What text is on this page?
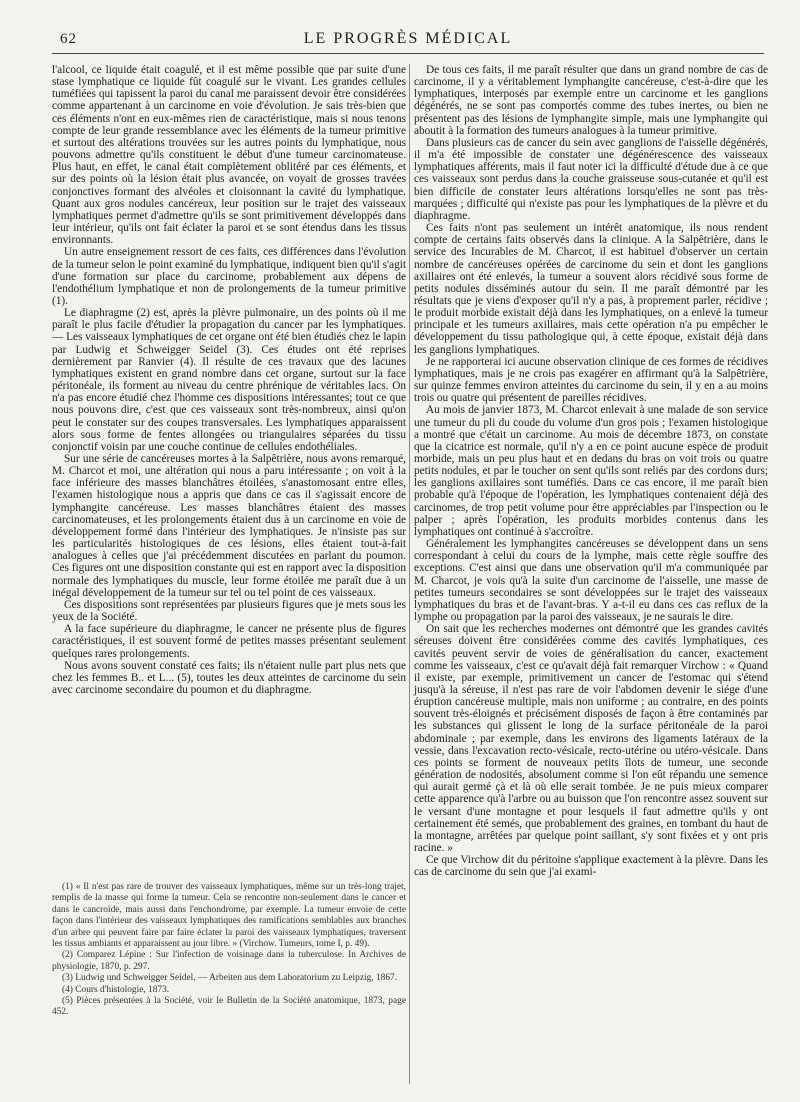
62	LE PROGRÈS MÉDICAL

l'alcool, ce liquide était coagulé, et il est même possible que par suite d'une stase lymphatique ce liquide fût coagulé sur le vivant. Les grandes cellules tuméfiées qui tapissent la paroi du canal me paraissent devoir être considérées comme appartenant à un carcinome en voie d'évolution. Je sais très-bien que ces éléments n'ont en eux-mêmes rien de caractéristique, mais si nous tenons compte de leur grande ressemblance avec les éléments de la tumeur primitive et surtout des altérations trouvées sur les autres points du lymphatique, nous pouvons admettre qu'ils constituent le début d'une tumeur carcinomateuse. Plus haut, en effet, le canal était complètement oblitéré par ces éléments, et sur des points où la lésion était plus avancée, on voyait de grosses travées conjonctives formant des alvéoles et cloisonnant la cavité du lymphatique. Quant aux gros nodules cancéreux, leur position sur le trajet des vaisseaux lymphatiques permet d'admettre qu'ils se sont primitivement développés dans leur intérieur, qu'ils ont fait éclater la paroi et se sont étendus dans les tissus environnants.

Un autre enseignement ressort de ces faits, ces différences dans l'évolution de la tumeur selon le point examiné du lymphatique, indiquent bien qu'il s'agit d'une formation sur place du carcinome, probablement aux dépens de l'endothélium lymphatique et non de prolongements de la tumeur primitive (1).

Le diaphragme (2) est, après la plèvre pulmonaire, un des points où il me paraît le plus facile d'étudier la propagation du cancer par les lymphatiques. — Les vaisseaux lymphatiques de cet organe ont été bien étudiés chez le lapin par Ludwig et Schweigger Seidel (3). Ces études ont été reprises dernièrement par Ranvier (4). Il résulte de ces travaux que des lacunes lymphatiques existent en grand nombre dans cet organe, surtout sur la face péritonéale, ils forment au niveau du centre phrénique de véritables lacs. On n'a pas encore étudié chez l'homme ces dispositions intéressantes; tout ce que nous pouvons dire, c'est que ces vaisseaux sont très-nombreux, ainsi qu'on peut le constater sur des coupes transversales. Les lymphatiques apparaissent alors sous forme de fentes allongées ou triangulaires séparées du tissu conjonctif voisin par une couche continue de cellules endothéliales.

Sur une série de cancéreuses mortes à la Salpêtrière, nous avons remarqué, M. Charcot et moi, une altération qui nous a paru intéressante ; on voit à la face inférieure des masses blanchâtres étoilées, s'anastomosant entre elles, l'examen histologique nous a appris que dans ce cas il s'agissait encore de lymphangite cancéreuse. Les masses blanchâtres étaient des masses carcinomateuses, et les prolongements étaient dus à un carcinome en voie de développement formé dans l'intérieur des lymphatiques. Je n'insiste pas sur les particularités histologiques de ces lésions, elles étaient tout-à-fait analogues à celles que j'ai précédemment discutées en parlant du poumon. Ces figures ont une disposition constante qui est en rapport avec la disposition normale des lymphatiques du muscle, leur forme étoilée me paraît due à un inégal développement de la tumeur sur tel ou tel point de ces vaisseaux.

Ces dispositions sont représentées par plusieurs figures que je mets sous les yeux de la Société.

A la face supérieure du diaphragme, le cancer ne présente plus de figures caractéristiques, il est souvent formé de petites masses présentant seulement quelques rares prolongements.

Nous avons souvent constaté ces faits; ils n'étaient nulle part plus nets que chez les femmes B.. et L... (5), toutes les deux atteintes de carcinome du sein avec carcinome secondaire du poumon et du diaphragme.

De tous ces faits, il me paraît résulter que dans un grand nombre de cas de carcinome, il y a véritablement lymphangite cancéreuse, c'est-à-dire que les lymphatiques, interposés par exemple entre un carcinome et les ganglions dégénérés, ne se sont pas comportés comme des tubes inertes, ou bien ne présentent pas des lésions de lymphangite simple, mais une lymphangite qui aboutit à la formation des tumeurs analogues à la tumeur primitive.

Dans plusieurs cas de cancer du sein avec ganglions de l'aisselle dégénérés, il m'a été impossible de constater une dégénérescence des vaisseaux lymphatiques afférents, mais il faut noter ici la difficulté d'étude due à ce que ces vaisseaux sont perdus dans la couche graisseuse sous-cutanée et qu'il est bien difficile de constater leurs altérations lorsqu'elles ne sont pas très-marquées ; difficulté qui n'existe pas pour les lymphatiques de la plèvre et du diaphragme.

Ces faits n'ont pas seulement un intérêt anatomique, ils nous rendent compte de certains faits observés dans la clinique. A la Salpêtrière, dans le service des Incurables de M. Charcot, il est habituel d'observer un certain nombre de cancéreuses opérées de carcinome du sein et dont les ganglions axillaires ont été enlevés, la tumeur a souvent alors récidivé sous forme de petits nodules disséminés autour du sein. Il me paraît démontré par les résultats que je viens d'exposer qu'il n'y a pas, à proprement parler, récidive ; le produit morbide existait déjà dans les lymphatiques, on a enlevé la tumeur principale et les tumeurs axillaires, mais cette opération n'a pu empêcher le développement du tissu pathologique qui, à cette époque, existait déjà dans les ganglions lymphatiques.

Je ne rapporterai ici aucune observation clinique de ces formes de récidives lymphatiques, mais je ne crois pas exagérer en affirmant qu'à la Salpêtrière, sur quinze femmes environ atteintes du carcinome du sein, il y en a au moins trois ou quatre qui présentent de pareilles récidives.

Au mois de janvier 1873, M. Charcot enlevait à une malade de son service une tumeur du pli du coude du volume d'un gros pois ; l'examen histologique a montré que c'était un carcinome. Au mois de décembre 1873, on constate que la cicatrice est normale, qu'il n'y a en ce point aucune espèce de produit morbide, mais un peu plus haut et en dedans du bras on voit trois ou quatre petits nodules, et par le toucher on sent qu'ils sont reliés par des cordons durs; les ganglions axillaires sont tuméfiés. Dans ce cas encore, il me paraît bien probable qu'à l'époque de l'opération, les lymphatiques contenaient déjà des carcinomes, de trop petit volume pour être appréciables par l'inspection ou le palper ; après l'opération, les produits morbides contenus dans les lymphatiques ont continué à s'accroître.

Généralement les lymphangites cancéreuses se développent dans un sens correspondant à celui du cours de la lymphe, mais cette règle souffre des exceptions. C'est ainsi que dans une observation qu'il m'a communiquée par M. Charcot, je vois qu'à la suite d'un carcinome de l'aisselle, une masse de petites tumeurs secondaires se sont développées sur le trajet des vaisseaux lymphatiques du bras et de l'avant-bras. Y a-t-il eu dans ces cas reflux de la lymphe ou propagation par la paroi des vaisseaux, je ne saurais le dire.

On sait que les recherches modernes ont démontré que les grandes cavités séreuses doivent être considérées comme des cavités lymphatiques, ces cavités peuvent servir de voies de généralisation du cancer, exactement comme les vaisseaux, c'est ce qu'avait déjà fait remarquer Virchow : « Quand il existe, par exemple, primitivement un cancer de l'estomac qui s'étend jusqu'à la séreuse, il n'est pas rare de voir l'abdomen devenir le siége d'une éruption cancéreuse multiple, mais non uniforme ; au contraire, en des points souvent très-éloignés et précisément disposés de façon à être contaminés par les substances qui glissent le long de la surface péritonéale de la paroi abdominale ; par exemple, dans les environs des ligaments latéraux de la vessie, dans l'excavation recto-vésicale, recto-utérine ou utéro-vésicale. Dans ces points se forment de nouveaux petits îlots de tumeur, une seconde génération de nodosités, absolument comme si l'on eût répandu une semence qui aurait germé çà et là où elle serait tombée. Je ne puis mieux comparer cette apparence qu'à l'arbre ou au buisson que l'on rencontre assez souvent sur le versant d'une montagne et pour lesquels il faut admettre qu'ils y ont certainement été semés, que probablement des graines, en tombant du haut de la montagne, arrêtées par quelque point saillant, s'y sont fixées et y ont pris racine. »

Ce que Virchow dit du péritoine s'applique exactement à la plèvre. Dans les cas de carcinome du sein que j'ai exami-

(1) « Il n'est pas rare de trouver des vaisseaux lymphatiques, même sur un très-long trajet, remplis de la masse qui forme la tumeur. Cela se rencontre non-seulement dans le cancer et dans le cancroïde, mais aussi dans l'enchondrome, par exemple. La tumeur envoie de cette façon dans l'intérieur des vaisseaux lymphatiques des ramifications semblables aux branches d'un arbre qui peuvent faire par faire éclater la paroi des vaisseaux lymphatiques, traversent les tissus ambiants et apparaissent au jour libre. » (Virchow. Tumeurs, tome I, p. 49).

(2) Comparez Lépine : Sur l'infection de voisinage dans la tuberculose. In Archives de physiologie, 1870, p. 297.

(3) Ludwig und Schweigger Seidel. — Arbeiten aus dem Laboratorium zu Leipzig, 1867.

(4) Cours d'histologie, 1873.

(5) Pièces présentées à la Société, voir le Bulletin de la Société anatomique, 1873, page 452.
